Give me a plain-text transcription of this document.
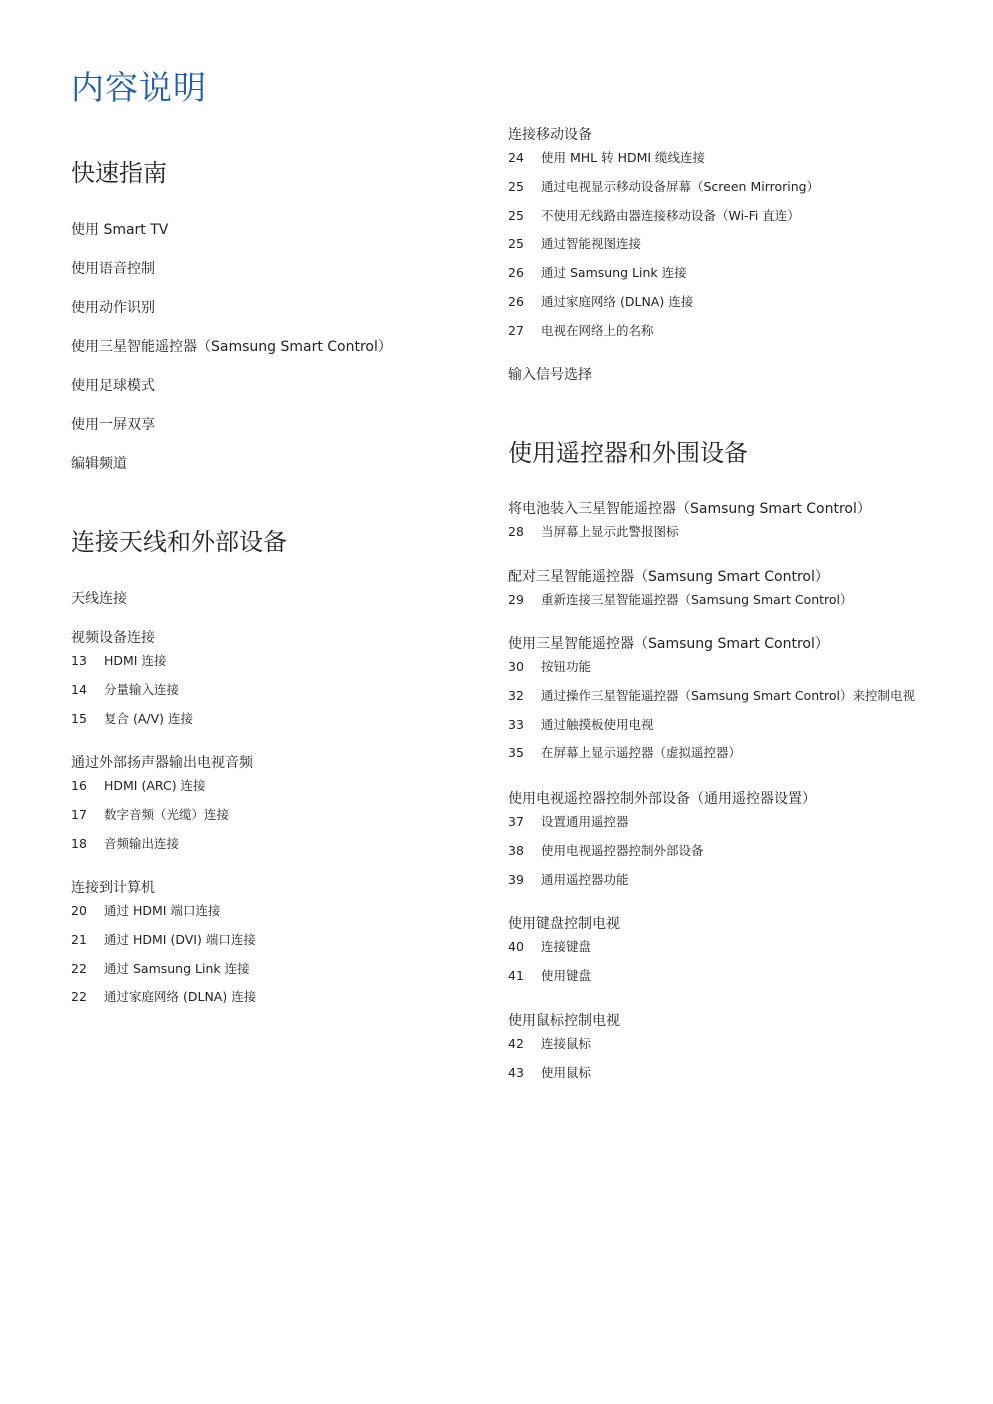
内容说明
快速指南
使用 Smart TV
使用语音控制
使用动作识别
使用三星智能遥控器（Samsung Smart Control）
使用足球模式
使用一屏双享
编辑频道
连接天线和外部设备
天线连接
视频设备连接
13	HDMI 连接
14	分量输入连接
15	复合 (A/V) 连接
通过外部扬声器输出电视音频
16	HDMI (ARC) 连接
17	数字音频（光缆）连接
18	音频输出连接
连接到计算机
20	通过 HDMI 端口连接
21	通过 HDMI (DVI) 端口连接
22	通过 Samsung Link 连接
22	通过家庭网络 (DLNA) 连接
连接移动设备
24	使用 MHL 转 HDMI 缆线连接
25	通过电视显示移动设备屏幕（Screen Mirroring）
25	不使用无线路由器连接移动设备（Wi-Fi 直连）
25	通过智能视图连接
26	通过 Samsung Link 连接
26	通过家庭网络 (DLNA) 连接
27	电视在网络上的名称
输入信号选择
使用遥控器和外围设备
将电池装入三星智能遥控器（Samsung Smart Control）
28	当屏幕上显示此警报图标
配对三星智能遥控器（Samsung Smart Control）
29	重新连接三星智能遥控器（Samsung Smart Control）
使用三星智能遥控器（Samsung Smart Control）
30	按钮功能
32	通过操作三星智能遥控器（Samsung Smart Control）来控制电视
33	通过触摸板使用电视
35	在屏幕上显示遥控器（虚拟遥控器）
使用电视遥控器控制外部设备（通用遥控器设置）
37	设置通用遥控器
38	使用电视遥控器控制外部设备
39	通用遥控器功能
使用键盘控制电视
40	连接键盘
41	使用键盘
使用鼠标控制电视
42	连接鼠标
43	使用鼠标
